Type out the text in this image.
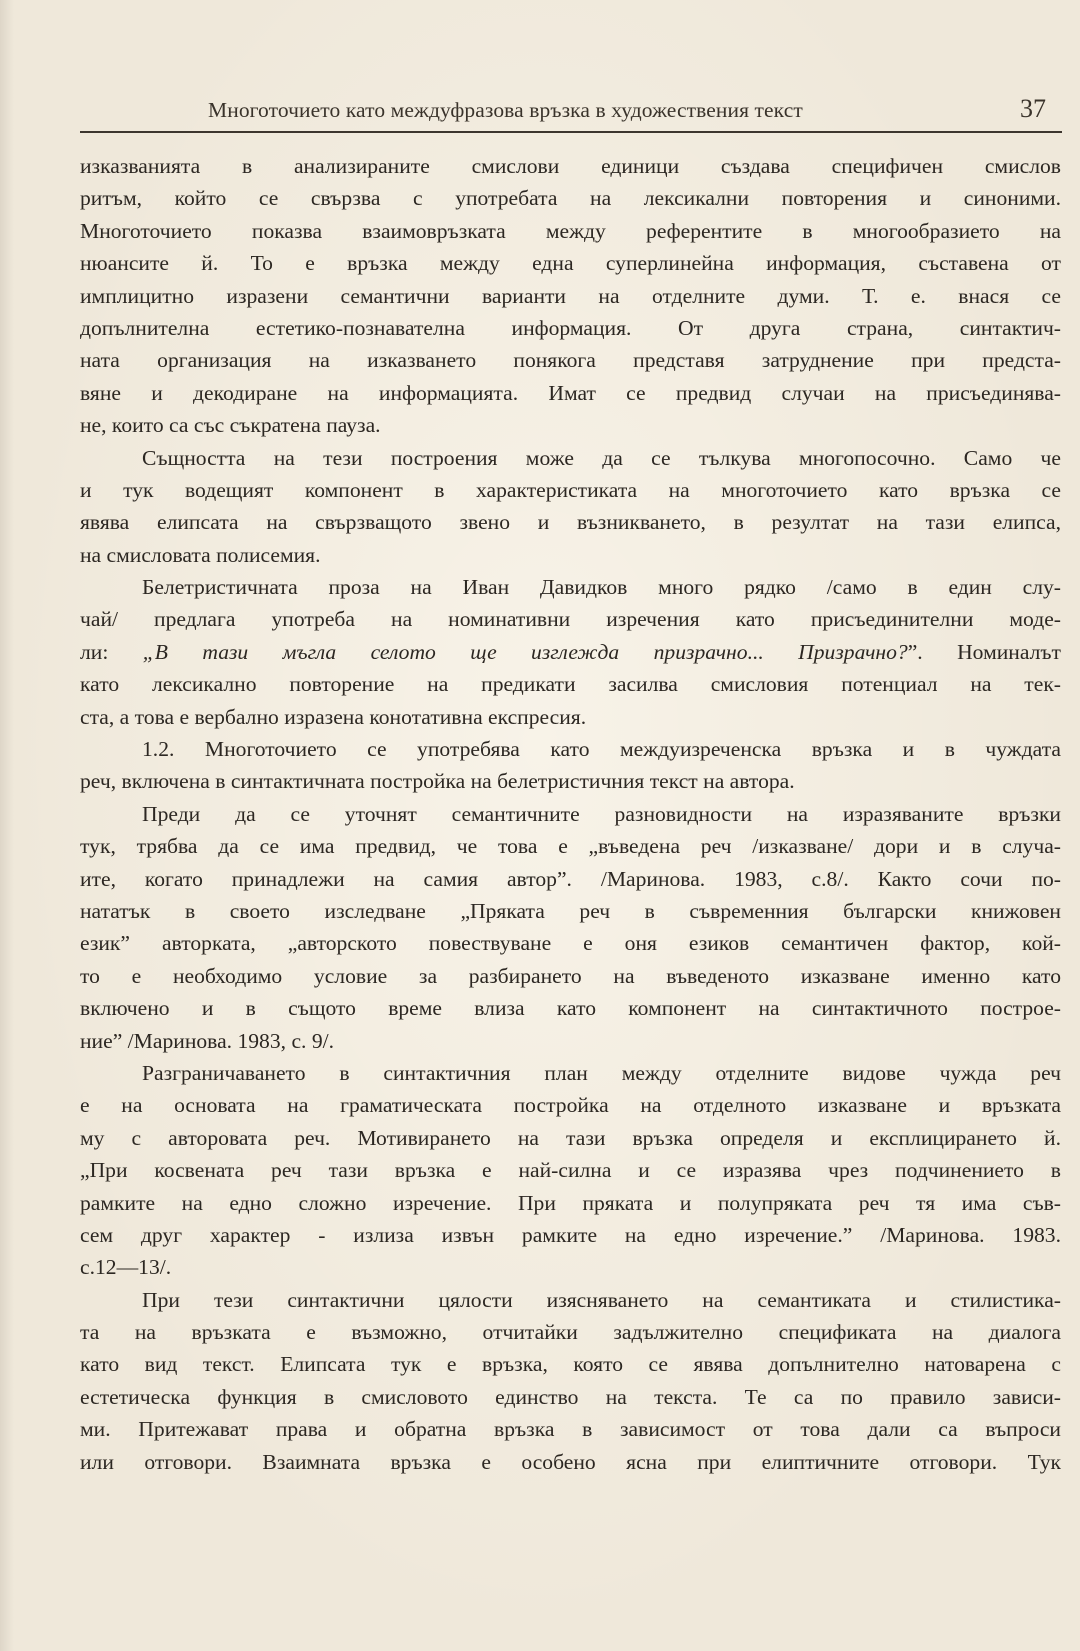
Многоточието като междуфразова връзка в художествения текст	37
изказванията в анализираните смислови единици създава специфичен смислов
ритъм, който се свързва с употребата на лексикални повторения и синоними.
Многоточието показва взаимовръзката между референтите в многообразието на
нюансите й. То е връзка между една суперлинейна информация, съставена от
имплицитно изразени семантични варианти на отделните думи. Т. е. внася се
допълнителна естетико-познавателна информация. От друга страна, синтактич-
ната организация на изказването понякога представя затруднение при предста-
вяне и декодиране на информацията. Имат се предвид случаи на присъединява-
не, които са със съкратена пауза.
Същността на тези построения може да се тълкува многопосочно. Само че
и тук водещият компонент в характеристиката на многоточието като връзка се
явява елипсата на свързващото звено и възникването, в резултат на тази елипса,
на смисловата полисемия.
Белетристичната проза на Иван Давидков много рядко /само в един слу-
чай/ предлага употреба на номинативни изречения като присъединителни моде-
ли: „В тази мъгла селото ще изглежда призрачно... Призрачно?”. Номиналът
като лексикално повторение на предикати засилва смисловия потенциал на тек-
ста, а това е вербално изразена конотативна експресия.
1.2. Многоточието се употребява като междуизреченска връзка и в чуждата
реч, включена в синтактичната постройка на белетристичния текст на автора.
Преди да се уточнят семантичните разновидности на изразяваните връзки
тук, трябва да се има предвид, че това е „въведена реч /изказване/ дори и в случа-
ите, когато принадлежи на самия автор”. /Маринова. 1983, с.8/. Както сочи по-
нататък в своето изследване „Пряката реч в съвременния български книжовен
език” авторката, „авторското повествуване е оня езиков семантичен фактор, кой-
то е необходимо условие за разбирането на въведеното изказване именно като
включено и в същото време влиза като компонент на синтактичното построе-
ние” /Маринова. 1983, с. 9/.
Разграничаването в синтактичния план между отделните видове чужда реч
е на основата на граматическата постройка на отделното изказване и връзката
му с авторовата реч. Мотивирането на тази връзка определя и експлицирането й.
„При косвената реч тази връзка е най-силна и се изразява чрез подчинението в
рамките на едно сложно изречение. При пряката и полупряката реч тя има съв-
сем друг характер - излиза извън рамките на едно изречение.” /Маринова. 1983.
с.12—13/.
При тези синтактични цялости изясняването на семантиката и стилистика-
та на връзката е възможно, отчитайки задължително спецификата на диалога
като вид текст. Елипсата тук е връзка, която се явява допълнително натоварена с
естетическа функция в смисловото единство на текста. Те са по правило зависи-
ми. Притежават права и обратна връзка в зависимост от това дали са въпроси
или отговори. Взаимната връзка е особено ясна при елиптичните отговори. Тук
